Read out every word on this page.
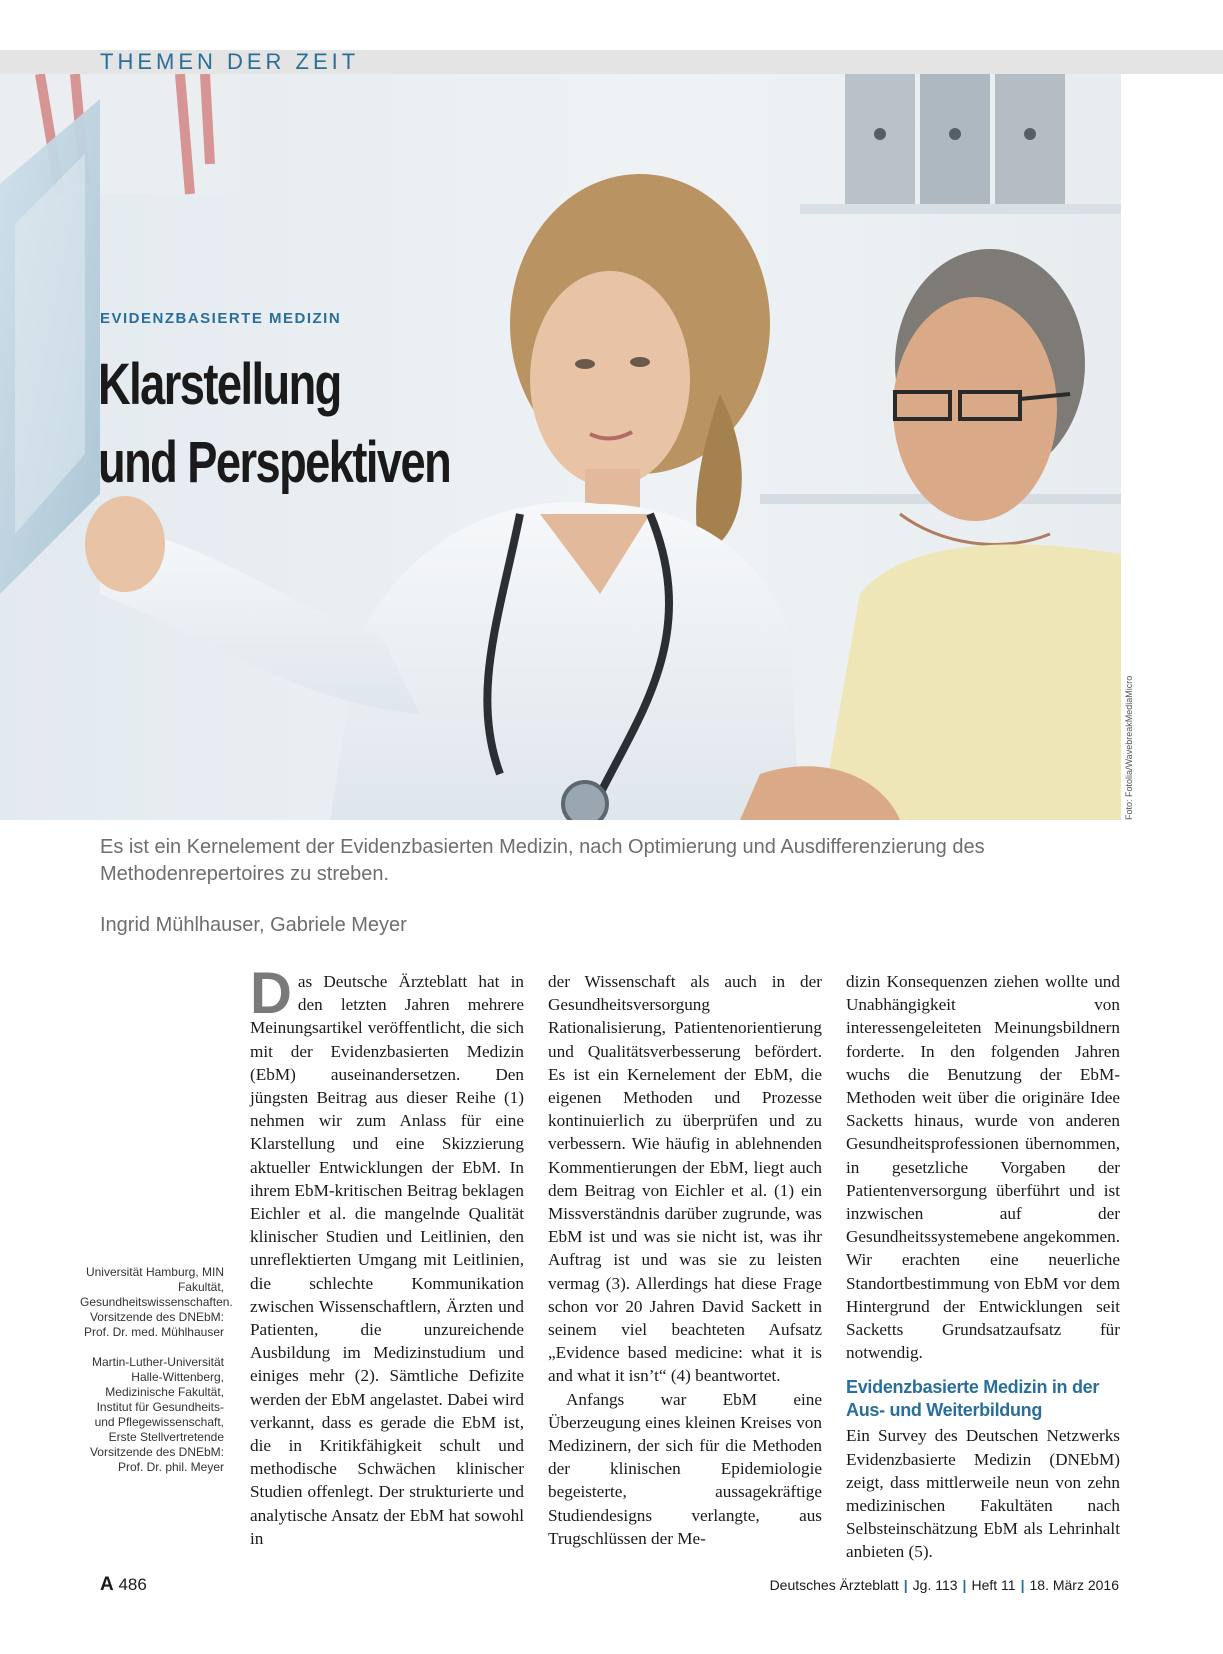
THEMEN DER ZEIT
EVIDENZBASIERTE MEDIZIN
Klarstellung
und Perspektiven
Foto: Fotolia/WavebreakMediaMicro
Es ist ein Kernelement der Evidenzbasierten Medizin, nach Optimierung und Ausdifferenzierung des Methodenrepertoires zu streben.
Ingrid Mühlhauser, Gabriele Meyer
Universität Hamburg, MIN Fakultät, Gesundheitswissenschaften. Vorsitzende des DNEbM: Prof. Dr. med. Mühlhauser
Martin-Luther-Universität Halle-Wittenberg, Medizinische Fakultät, Institut für Gesundheits- und Pflegewissenschaft, Erste Stellvertretende Vorsitzende des DNEbM: Prof. Dr. phil. Meyer

Das Deutsche Ärzteblatt hat in den letzten Jahren mehrere Meinungsartikel veröffentlicht, die sich mit der Evidenzbasierten Medizin (EbM) auseinandersetzen. Den jüngsten Beitrag aus dieser Reihe (1) nehmen wir zum Anlass für eine Klarstellung und eine Skizzierung aktueller Entwicklungen der EbM. In ihrem EbM-kritischen Beitrag beklagen Eichler et al. die mangelnde Qualität klinischer Studien und Leitlinien, den unreflektierten Umgang mit Leitlinien, die schlechte Kommunikation zwischen Wissenschaftlern, Ärzten und Patienten, die unzureichende Ausbildung im Medizinstudium und einiges mehr (2). Sämtliche Defizite werden der EbM angelastet. Dabei wird verkannt, dass es gerade die EbM ist, die in Kritikfähigkeit schult und methodische Schwächen klinischer Studien offenlegt. Der strukturierte und analytische Ansatz der EbM hat sowohl in

der Wissenschaft als auch in der Gesundheitsversorgung Rationalisierung, Patientenorientierung und Qualitätsverbesserung befördert. Es ist ein Kernelement der EbM, die eigenen Methoden und Prozesse kontinuierlich zu überprüfen und zu verbessern. Wie häufig in ablehnenden Kommentierungen der EbM, liegt auch dem Beitrag von Eichler et al. (1) ein Missverständnis darüber zugrunde, was EbM ist und was sie nicht ist, was ihr Auftrag ist und was sie zu leisten vermag (3). Allerdings hat diese Frage schon vor 20 Jahren David Sackett in seinem viel beachteten Aufsatz „Evidence based medicine: what it is and what it isn’t“ (4) beantwortet.

Anfangs war EbM eine Überzeugung eines kleinen Kreises von Medizinern, der sich für die Methoden der klinischen Epidemiologie begeisterte, aussagekräftige Studiendesigns verlangte, aus Trugschlüssen der Me-

dizin Konsequenzen ziehen wollte und Unabhängigkeit von interessengeleiteten Meinungsbildnern forderte. In den folgenden Jahren wuchs die Benutzung der EbM-Methoden weit über die originäre Idee Sacketts hinaus, wurde von anderen Gesundheitsprofessionen übernommen, in gesetzliche Vorgaben der Patientenversorgung überführt und ist inzwischen auf der Gesundheitssystemebene angekommen. Wir erachten eine neuerliche Standortbestimmung von EbM vor dem Hintergrund der Entwicklungen seit Sacketts Grundsatzaufsatz für notwendig.

Evidenzbasierte Medizin in der Aus- und Weiterbildung

Ein Survey des Deutschen Netzwerks Evidenzbasierte Medizin (DNEbM) zeigt, dass mittlerweile neun von zehn medizinischen Fakultäten nach Selbsteinschätzung EbM als Lehrinhalt anbieten (5).

A 486	Deutsches Ärzteblatt | Jg. 113 | Heft 11 | 18. März 2016
